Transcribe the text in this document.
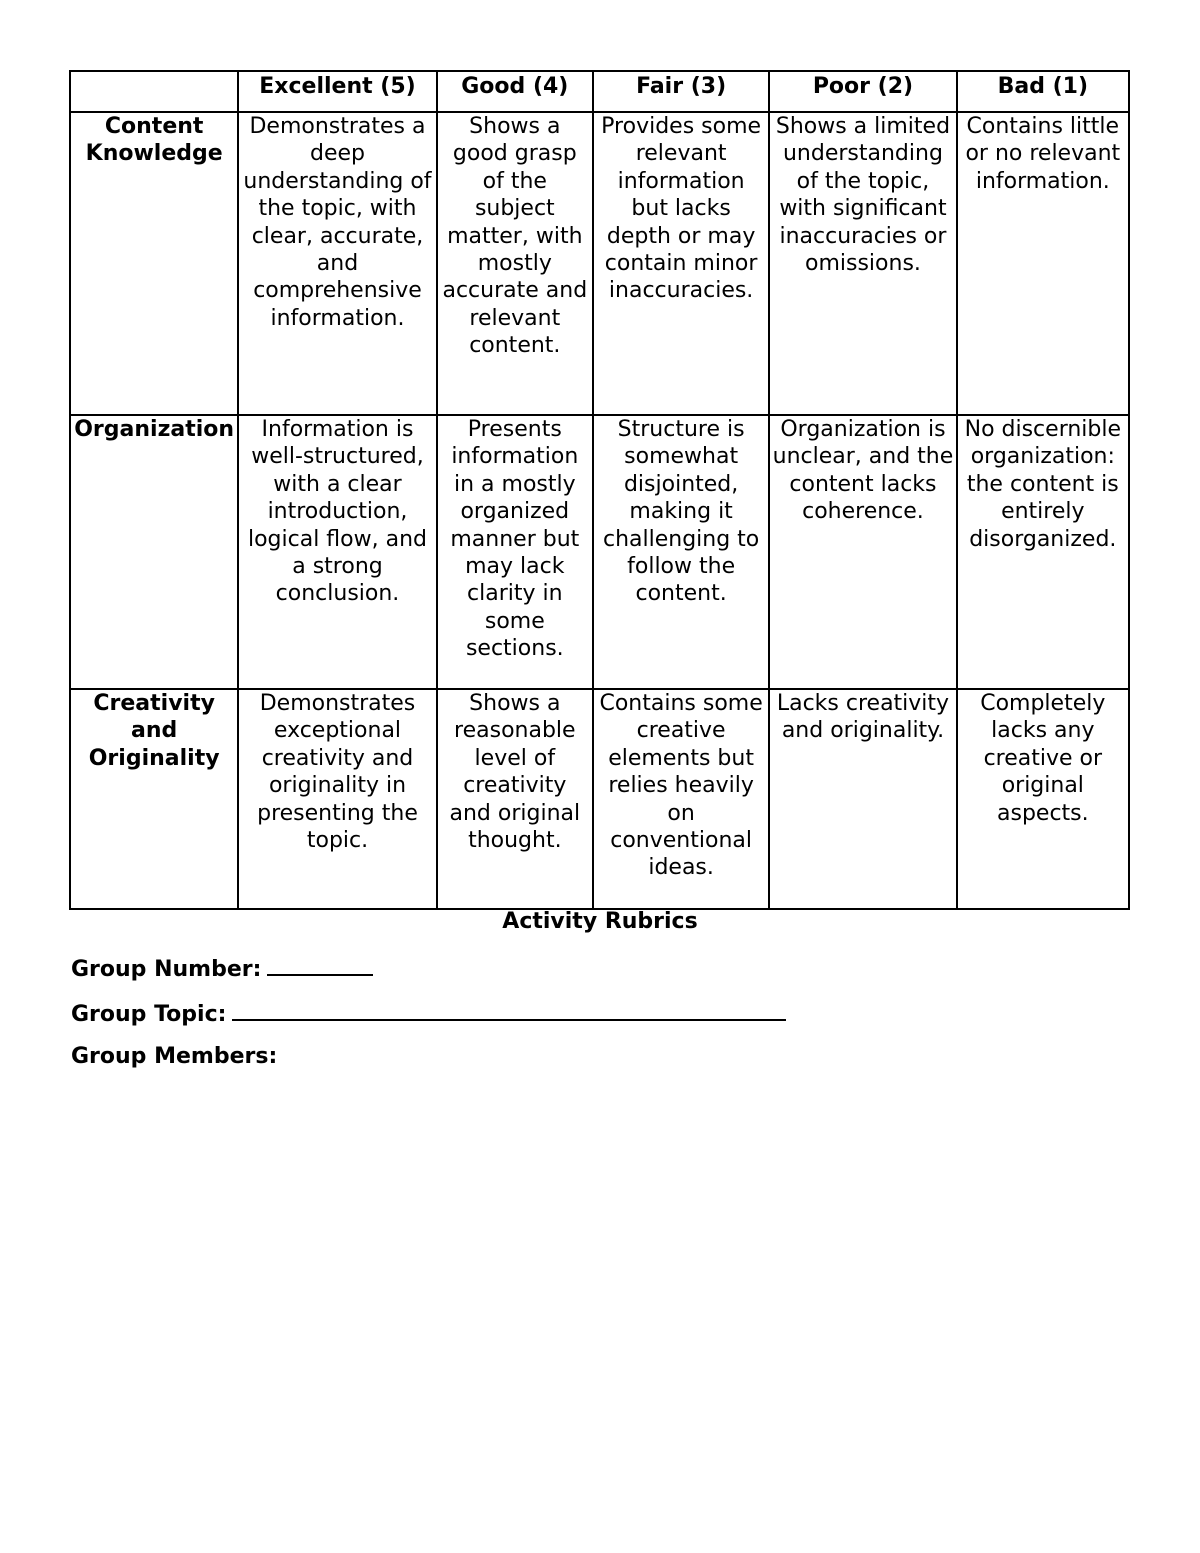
	Excellent (5)	Good (4)	Fair (3)	Poor (2)	Bad (1)
Content Knowledge	Demonstrates a deep understanding of the topic, with clear, accurate, and comprehensive information.	Shows a good grasp of the subject matter, with mostly accurate and relevant content.	Provides some relevant information but lacks depth or may contain minor inaccuracies.	Shows a limited understanding of the topic, with significant inaccuracies or omissions.	Contains little or no relevant information.
Organization	Information is well-structured, with a clear introduction, logical flow, and a strong conclusion.	Presents information in a mostly organized manner but may lack clarity in some sections.	Structure is somewhat disjointed, making it challenging to follow the content.	Organization is unclear, and the content lacks coherence.	No discernible organization: the content is entirely disorganized.
Creativity and Originality	Demonstrates exceptional creativity and originality in presenting the topic.	Shows a reasonable level of creativity and original thought.	Contains some creative elements but relies heavily on conventional ideas.	Lacks creativity and originality.	Completely lacks any creative or original aspects.
Activity Rubrics
Group Number:
Group Topic:
Group Members:
